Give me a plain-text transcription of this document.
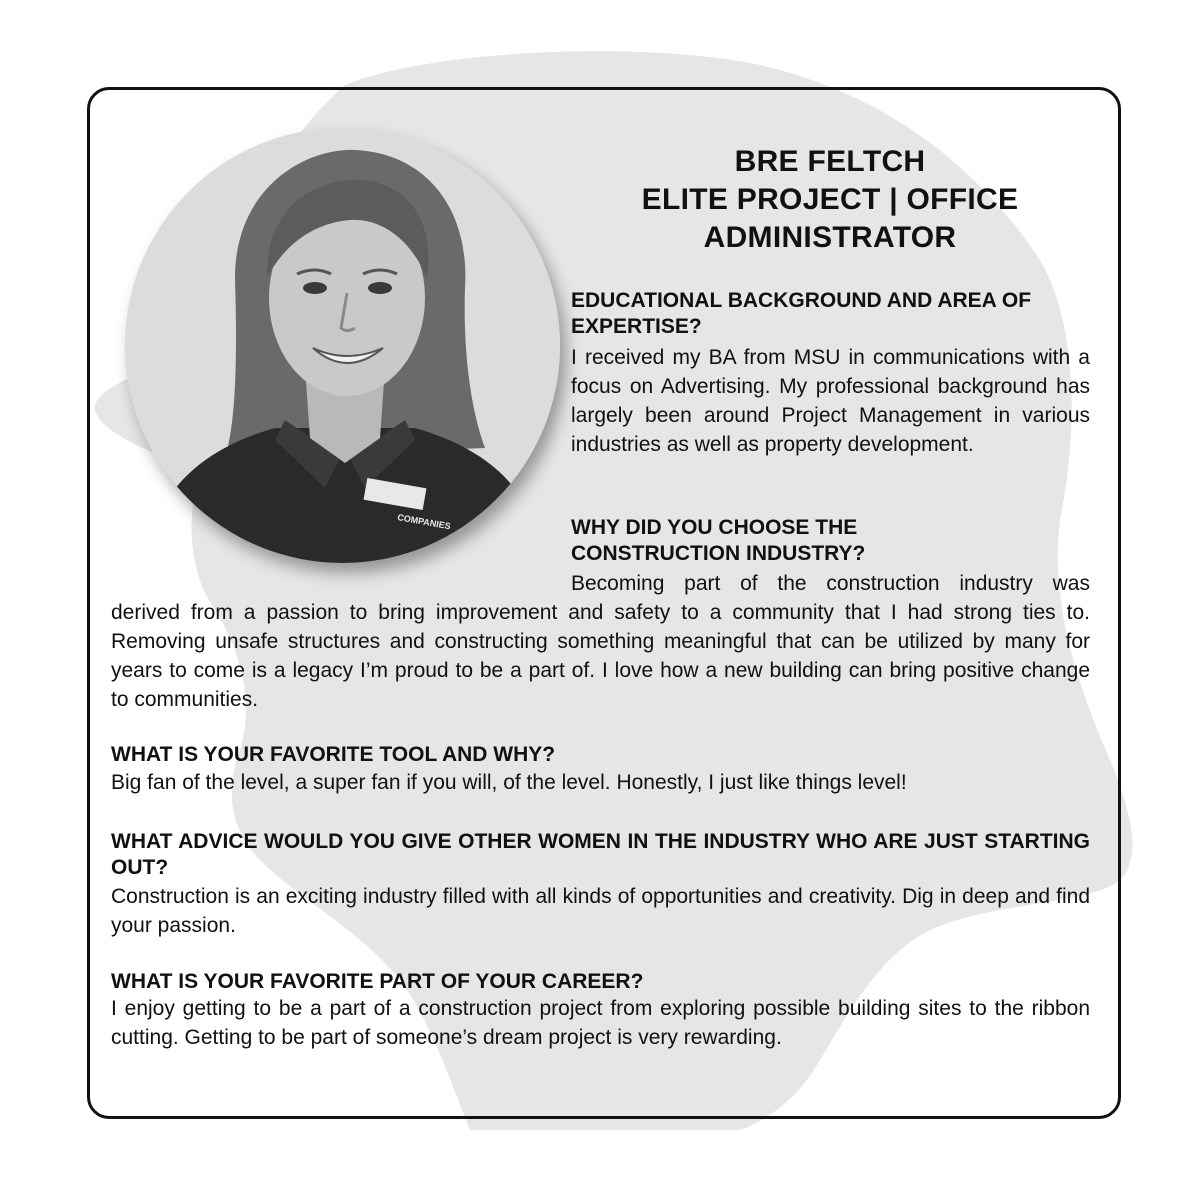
COMPANIES
BRE FELTCH
ELITE PROJECT | OFFICE
ADMINISTRATOR
EDUCATIONAL BACKGROUND AND AREA OF EXPERTISE?
I received my BA from MSU in communications with a focus on Advertising. My professional background has largely been around Project Management in various industries as well as property development.
WHY DID YOU CHOOSE THE
CONSTRUCTION INDUSTRY?
Becoming part of the construction industry was
derived from a passion to bring improvement and safety to a community that I had strong ties to. Removing unsafe structures and constructing something meaningful that can be utilized by many for years to come is a legacy I’m proud to be a part of. I love how a new building can bring positive change to communities.
WHAT IS YOUR FAVORITE TOOL AND WHY?
Big fan of the level, a super fan if you will, of the level. Honestly, I just like things level!
WHAT ADVICE WOULD YOU GIVE OTHER WOMEN IN THE INDUSTRY WHO ARE JUST STARTING OUT?
Construction is an exciting industry filled with all kinds of opportunities and creativity. Dig in deep and find your passion.
WHAT IS YOUR FAVORITE PART OF YOUR CAREER?
I enjoy getting to be a part of a construction project from exploring possible building sites to the ribbon cutting. Getting to be part of someone’s dream project is very rewarding.
